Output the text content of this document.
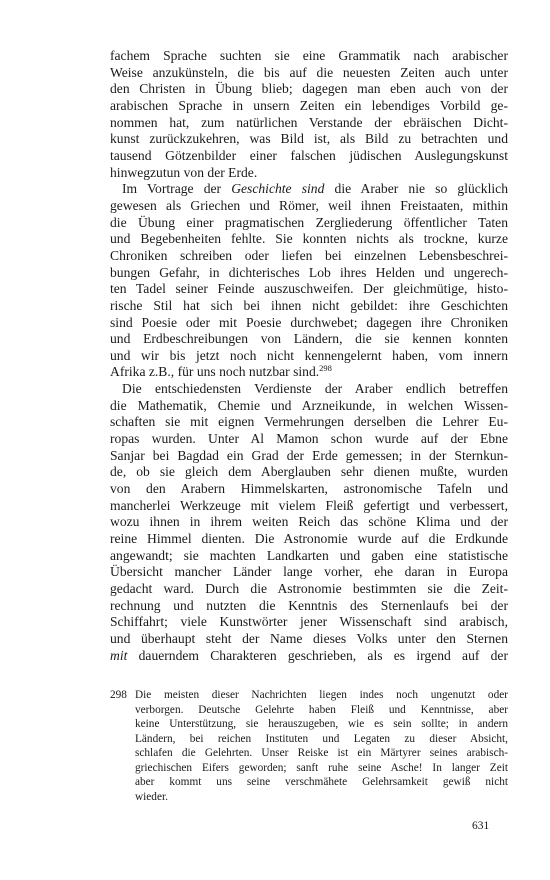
fachem Sprache suchten sie eine Grammatik nach arabischer
Weise anzukünsteln, die bis auf die neuesten Zeiten auch unter
den Christen in Übung blieb; dagegen man eben auch von der
arabischen Sprache in unsern Zeiten ein lebendiges Vorbild ge-
nommen hat, zum natürlichen Verstande der ebräischen Dicht-
kunst zurückzukehren, was Bild ist, als Bild zu betrachten und
tausend Götzenbilder einer falschen jüdischen Auslegungskunst
hinwegzutun von der Erde.
Im Vortrage der Geschichte sind die Araber nie so glücklich
gewesen als Griechen und Römer, weil ihnen Freistaaten, mithin
die Übung einer pragmatischen Zergliederung öffentlicher Taten
und Begebenheiten fehlte. Sie konnten nichts als trockne, kurze
Chroniken schreiben oder liefen bei einzelnen Lebensbeschrei-
bungen Gefahr, in dichterisches Lob ihres Helden und ungerech-
ten Tadel seiner Feinde auszuschweifen. Der gleichmütige, histo-
rische Stil hat sich bei ihnen nicht gebildet: ihre Geschichten
sind Poesie oder mit Poesie durchwebet; dagegen ihre Chroniken
und Erdbeschreibungen von Ländern, die sie kennen konnten
und wir bis jetzt noch nicht kennengelernt haben, vom innern
Afrika z.B., für uns noch nutzbar sind.$^{298}$
Die entschiedensten Verdienste der Araber endlich betreffen
die Mathematik, Chemie und Arzneikunde, in welchen Wissen-
schaften sie mit eignen Vermehrungen derselben die Lehrer Eu-
ropas wurden. Unter Al Mamon schon wurde auf der Ebne
Sanjar bei Bagdad ein Grad der Erde gemessen; in der Sternkun-
de, ob sie gleich dem Aberglauben sehr dienen mußte, wurden
von den Arabern Himmelskarten, astronomische Tafeln und
mancherlei Werkzeuge mit vielem Fleiß gefertigt und verbessert,
wozu ihnen in ihrem weiten Reich das schöne Klima und der
reine Himmel dienten. Die Astronomie wurde auf die Erdkunde
angewandt; sie machten Landkarten und gaben eine statistische
Übersicht mancher Länder lange vorher, ehe daran in Europa
gedacht ward. Durch die Astronomie bestimmten sie die Zeit-
rechnung und nutzten die Kenntnis des Sternenlaufs bei der
Schiffahrt; viele Kunstwörter jener Wissenschaft sind arabisch,
und überhaupt steht der Name dieses Volks unter den Sternen
mit dauerndem Charakteren geschrieben, als es irgend auf der
298 Die meisten dieser Nachrichten liegen indes noch ungenutzt oder
verborgen. Deutsche Gelehrte haben Fleiß und Kenntnisse, aber
keine Unterstützung, sie herauszugeben, wie es sein sollte; in andern
Ländern, bei reichen Instituten und Legaten zu dieser Absicht,
schlafen die Gelehrten. Unser Reiske ist ein Märtyrer seines arabisch-
griechischen Eifers geworden; sanft ruhe seine Asche! In langer Zeit
aber kommt uns seine verschmähete Gelehrsamkeit gewiß nicht
wieder.
631
